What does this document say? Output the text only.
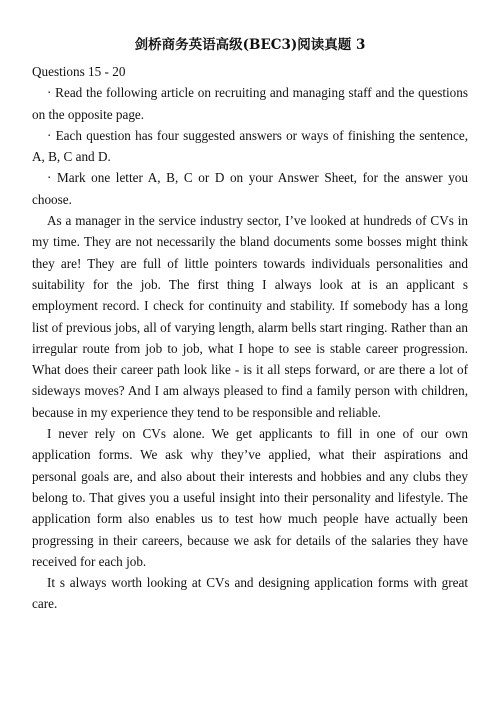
剑桥商务英语高级(BEC3)阅读真题 3
Questions 15 - 20
· Read the following article on recruiting and managing staff and the questions on the opposite page.
· Each question has four suggested answers or ways of finishing the sentence, A, B, C and D.
· Mark one letter A, B, C or D on your Answer Sheet, for the answer you choose.
As a manager in the service industry sector, I’ve looked at hundreds of CVs in my time. They are not necessarily the bland documents some bosses might think they are! They are full of little pointers towards individuals personalities and suitability for the job. The first thing I always look at is an applicant s employment record. I check for continuity and stability. If somebody has a long list of previous jobs, all of varying length, alarm bells start ringing. Rather than an irregular route from job to job, what I hope to see is stable career progression. What does their career path look like - is it all steps forward, or are there a lot of sideways moves? And I am always pleased to find a family person with children, because in my experience they tend to be responsible and reliable.
I never rely on CVs alone. We get applicants to fill in one of our own application forms. We ask why they’ve applied, what their aspirations and personal goals are, and also about their interests and hobbies and any clubs they belong to. That gives you a useful insight into their personality and lifestyle. The application form also enables us to test how much people have actually been progressing in their careers, because we ask for details of the salaries they have received for each job.
It s always worth looking at CVs and designing application forms with great care.
